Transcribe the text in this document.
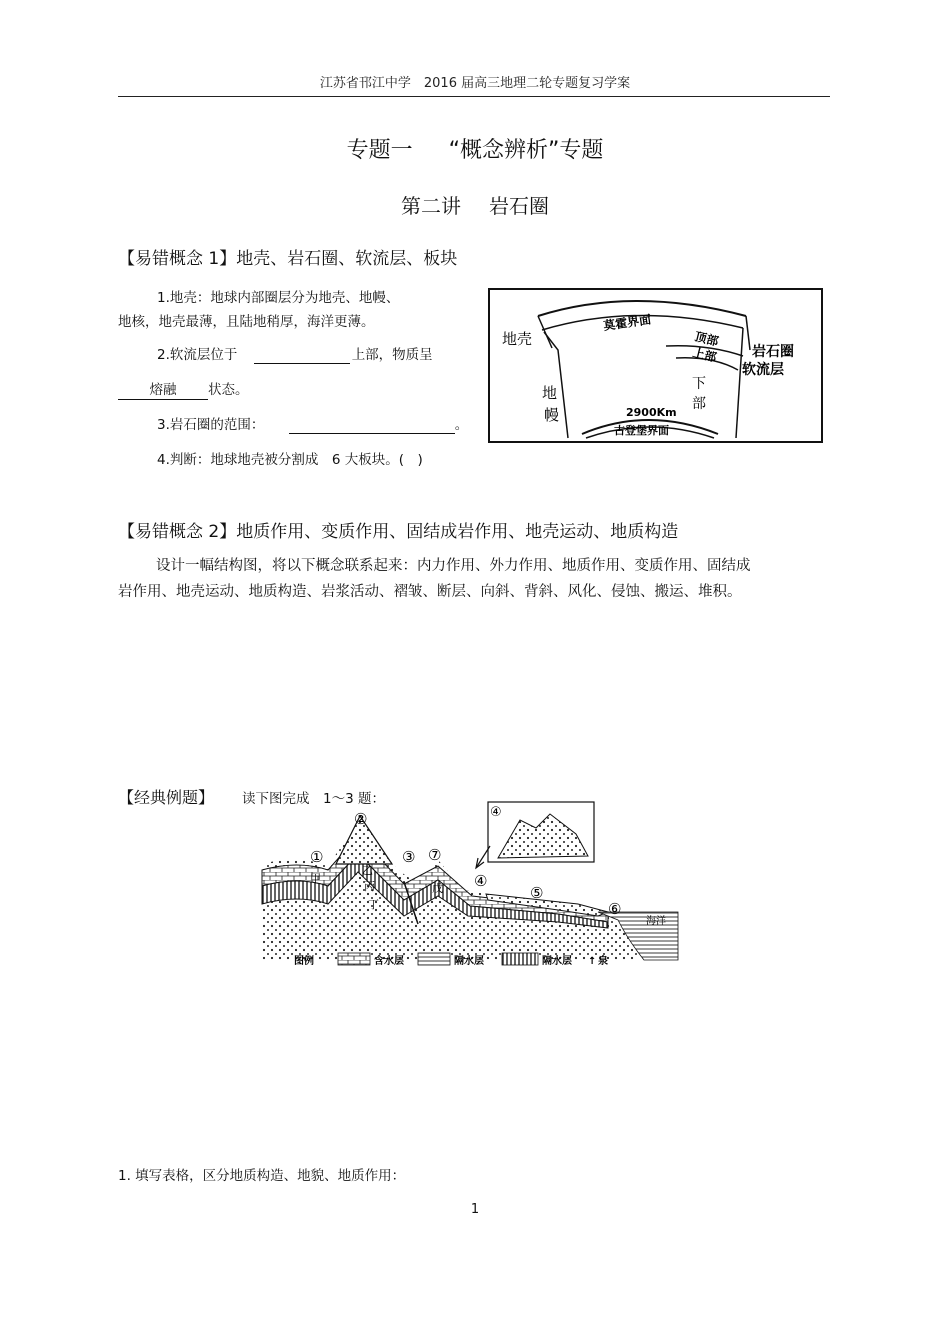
江苏省邗江中学　2016 届高三地理二轮专题复习学案
专题一 “概念辨析”专题
第二讲 岩石圈
【易错概念 1】地壳、岩石圈、软流层、板块
1.地壳：地球内部圈层分为地壳、地幔、
地核，地壳最薄，且陆地稍厚，海洋更薄。
2.软流层位于	上部，物质呈
熔融 状态。
3.岩石圈的范围：	。
4.判断：地球地壳被分割成　6 大板块。(　)
地壳
地
幔
莫霍界面
顶部
上部
下
部
岩石圈
软流层
2900Km
古登堡界面
【易错概念 2】地质作用、变质作用、固结成岩作用、地壳运动、地质构造
设计一幅结构图，将以下概念联系起来：内力作用、外力作用、地质作用、变质作用、固结成岩作用、地壳运动、地质构造、岩浆活动、褶皱、断层、向斜、背斜、风化、侵蚀、搬运、堆积。
【经典例题】 读下图完成　1～3 题：
①
②
③ ⑦
④
⑤
⑥
④
甲
乙
丙
丁
戊
海洋
图例	含水层	隔水层	隔水层 ↑ 泉
1. 填写表格，区分地质构造、地貌、地质作用：
1
